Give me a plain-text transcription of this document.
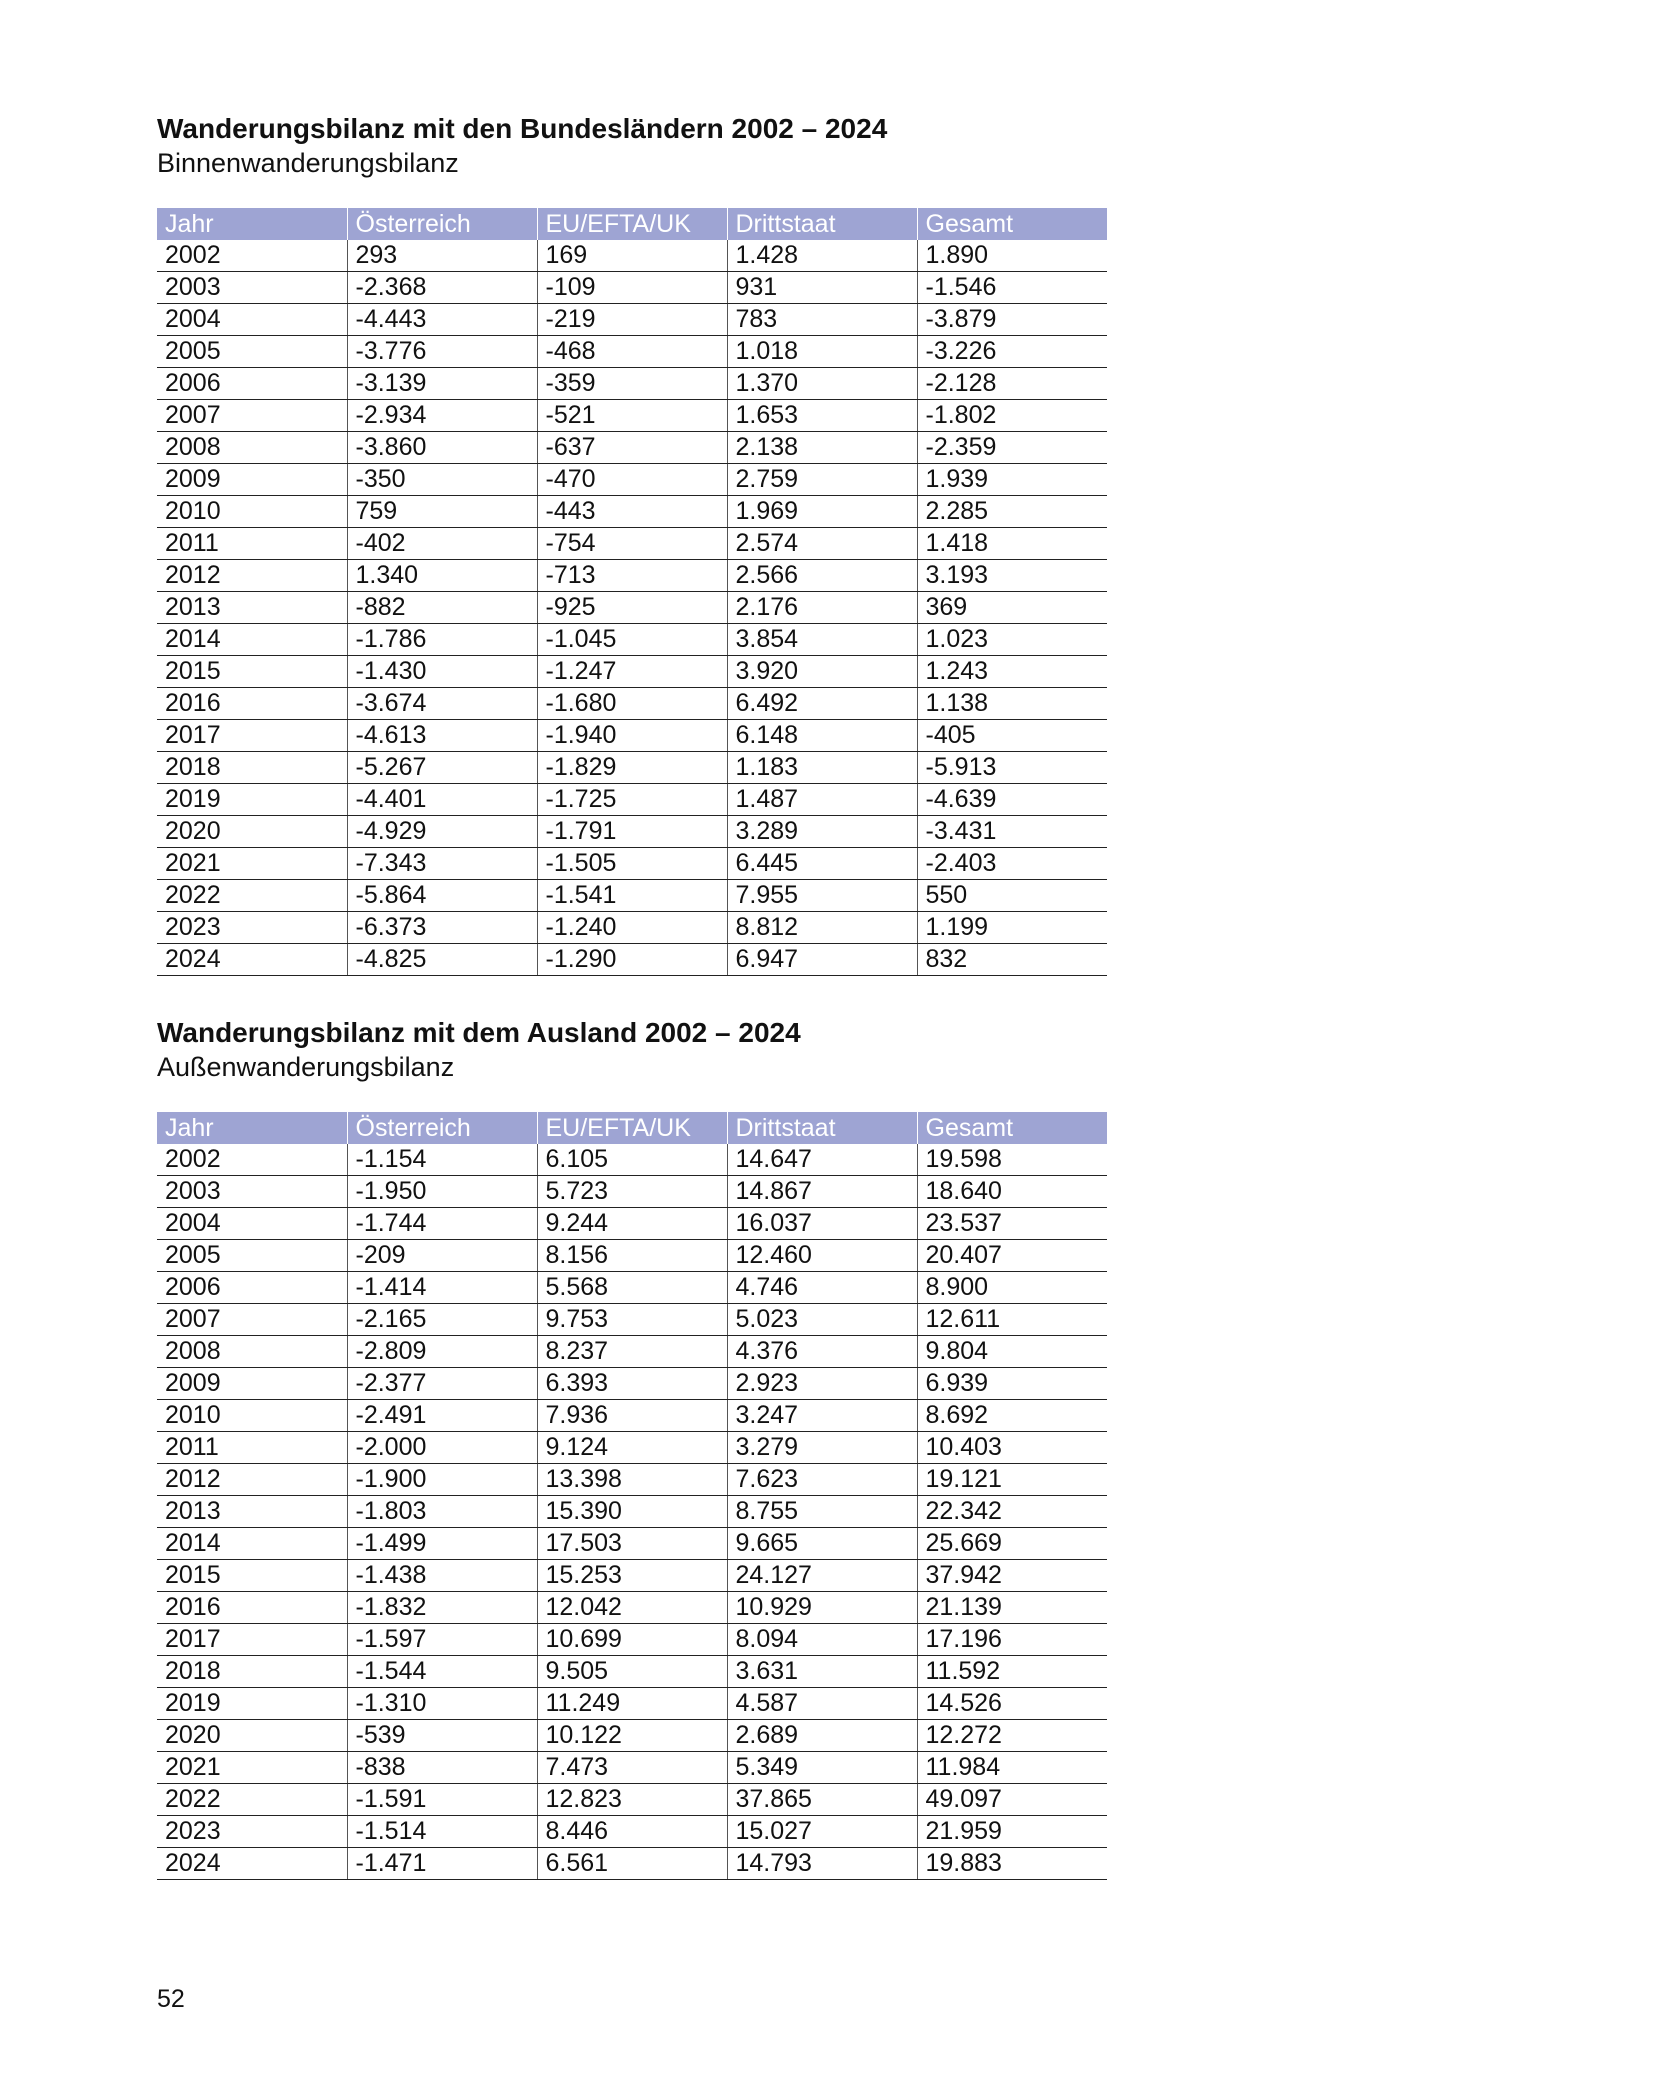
Wanderungsbilanz mit den Bundesländern 2002 – 2024

Binnenwanderungsbilanz

Jahr	Österreich	EU/EFTA/UK	Drittstaat	Gesamt
2002	293	169	1.428	1.890
2003	-2.368	-109	931	-1.546
2004	-4.443	-219	783	-3.879
2005	-3.776	-468	1.018	-3.226
2006	-3.139	-359	1.370	-2.128
2007	-2.934	-521	1.653	-1.802
2008	-3.860	-637	2.138	-2.359
2009	-350	-470	2.759	1.939
2010	759	-443	1.969	2.285
2011	-402	-754	2.574	1.418
2012	1.340	-713	2.566	3.193
2013	-882	-925	2.176	369
2014	-1.786	-1.045	3.854	1.023
2015	-1.430	-1.247	3.920	1.243
2016	-3.674	-1.680	6.492	1.138
2017	-4.613	-1.940	6.148	-405
2018	-5.267	-1.829	1.183	-5.913
2019	-4.401	-1.725	1.487	-4.639
2020	-4.929	-1.791	3.289	-3.431
2021	-7.343	-1.505	6.445	-2.403
2022	-5.864	-1.541	7.955	550
2023	-6.373	-1.240	8.812	1.199
2024	-4.825	-1.290	6.947	832
Wanderungsbilanz mit dem Ausland 2002 – 2024

Außenwanderungsbilanz

Jahr	Österreich	EU/EFTA/UK	Drittstaat	Gesamt
2002	-1.154	6.105	14.647	19.598
2003	-1.950	5.723	14.867	18.640
2004	-1.744	9.244	16.037	23.537
2005	-209	8.156	12.460	20.407
2006	-1.414	5.568	4.746	8.900
2007	-2.165	9.753	5.023	12.611
2008	-2.809	8.237	4.376	9.804
2009	-2.377	6.393	2.923	6.939
2010	-2.491	7.936	3.247	8.692
2011	-2.000	9.124	3.279	10.403
2012	-1.900	13.398	7.623	19.121
2013	-1.803	15.390	8.755	22.342
2014	-1.499	17.503	9.665	25.669
2015	-1.438	15.253	24.127	37.942
2016	-1.832	12.042	10.929	21.139
2017	-1.597	10.699	8.094	17.196
2018	-1.544	9.505	3.631	11.592
2019	-1.310	11.249	4.587	14.526
2020	-539	10.122	2.689	12.272
2021	-838	7.473	5.349	11.984
2022	-1.591	12.823	37.865	49.097
2023	-1.514	8.446	15.027	21.959
2024	-1.471	6.561	14.793	19.883
52
